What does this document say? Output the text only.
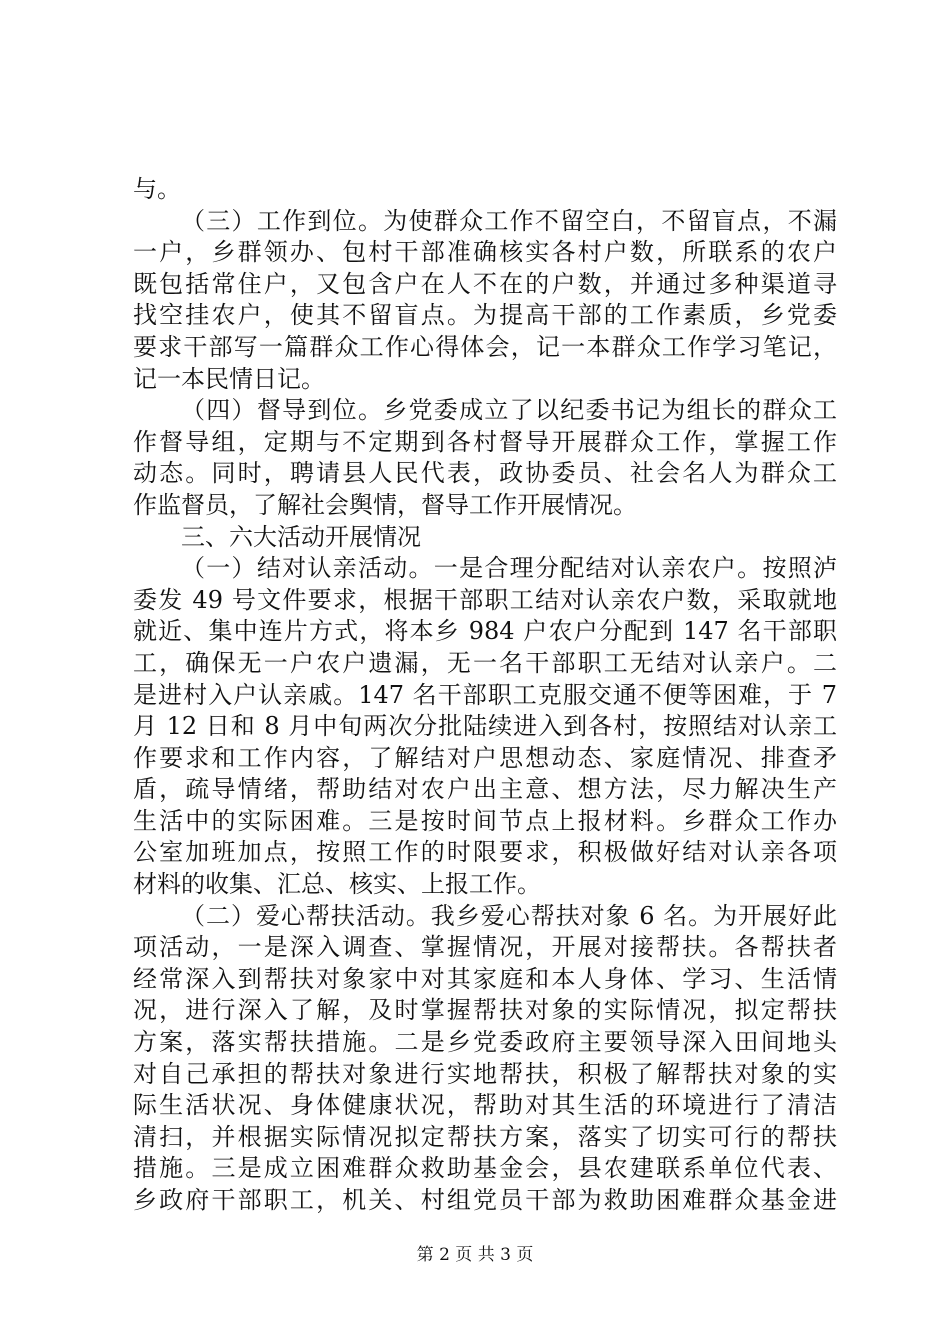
与。
（三）工作到位。为使群众工作不留空白，不留盲点，不漏
一户，乡群领办、包村干部准确核实各村户数，所联系的农户
既包括常住户，又包含户在人不在的户数，并通过多种渠道寻
找空挂农户，使其不留盲点。为提高干部的工作素质，乡党委
要求干部写一篇群众工作心得体会，记一本群众工作学习笔记，
记一本民情日记。
（四）督导到位。乡党委成立了以纪委书记为组长的群众工
作督导组，定期与不定期到各村督导开展群众工作，掌握工作
动态。同时，聘请县人民代表，政协委员、社会名人为群众工
作监督员，了解社会舆情，督导工作开展情况。
三、六大活动开展情况
（一）结对认亲活动。一是合理分配结对认亲农户。按照泸
委发 49 号文件要求，根据干部职工结对认亲农户数，采取就地
就近、集中连片方式，将本乡 984 户农户分配到 147 名干部职
工，确保无一户农户遗漏，无一名干部职工无结对认亲户。二
是进村入户认亲戚。147 名干部职工克服交通不便等困难，于 7
月 12 日和 8 月中旬两次分批陆续进入到各村，按照结对认亲工
作要求和工作内容，了解结对户思想动态、家庭情况、排查矛
盾，疏导情绪，帮助结对农户出主意、想方法，尽力解决生产
生活中的实际困难。三是按时间节点上报材料。乡群众工作办
公室加班加点，按照工作的时限要求，积极做好结对认亲各项
材料的收集、汇总、核实、上报工作。
（二）爱心帮扶活动。我乡爱心帮扶对象 6 名。为开展好此
项活动，一是深入调查、掌握情况，开展对接帮扶。各帮扶者
经常深入到帮扶对象家中对其家庭和本人身体、学习、生活情
况，进行深入了解，及时掌握帮扶对象的实际情况，拟定帮扶
方案，落实帮扶措施。二是乡党委政府主要领导深入田间地头
对自己承担的帮扶对象进行实地帮扶，积极了解帮扶对象的实
际生活状况、身体健康状况，帮助对其生活的环境进行了清洁
清扫，并根据实际情况拟定帮扶方案，落实了切实可行的帮扶
措施。三是成立困难群众救助基金会，县农建联系单位代表、
乡政府干部职工，机关、村组党员干部为救助困难群众基金进
第 2 页 共 3 页
